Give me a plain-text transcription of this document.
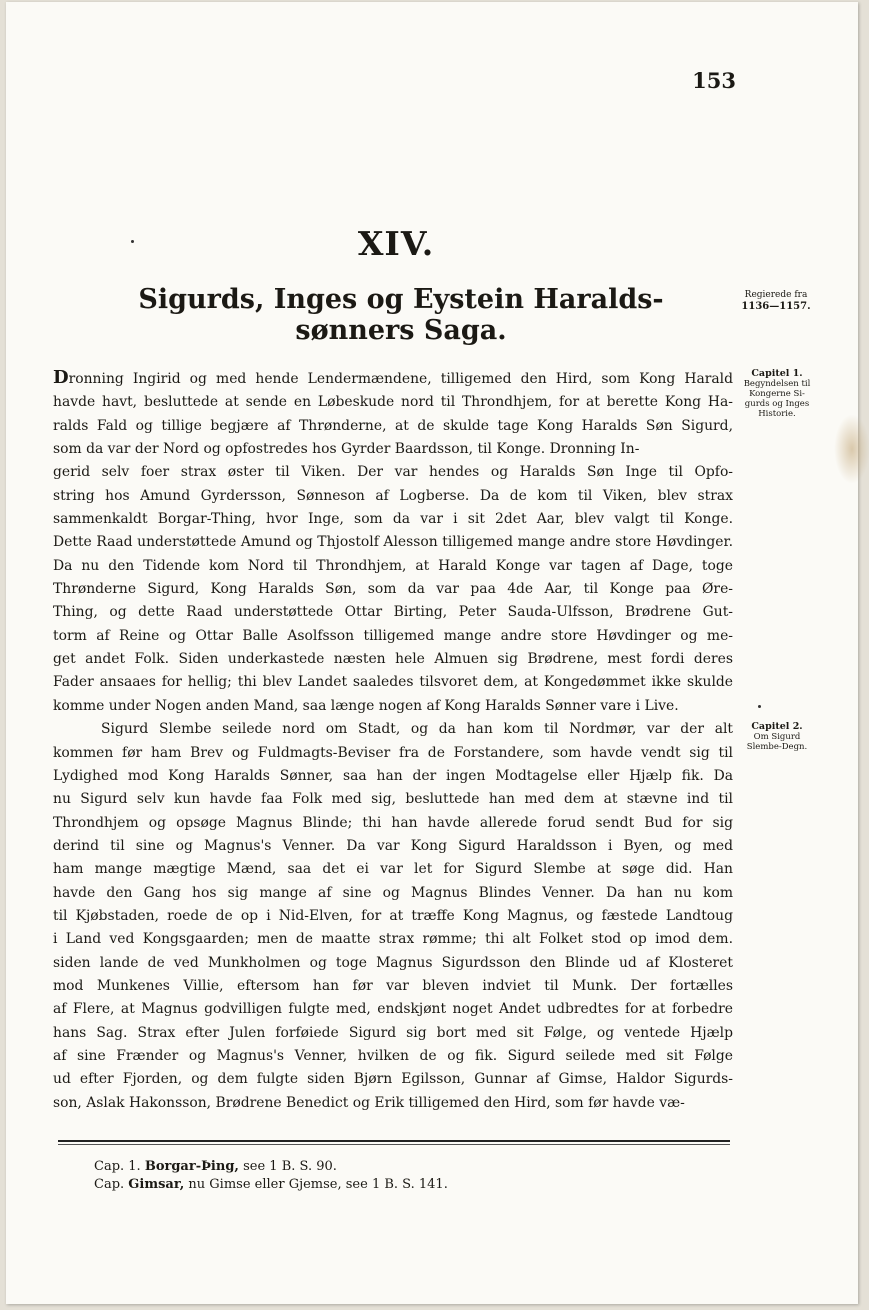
153
XIV.
Sigurds, Inges og Eystein Haralds-
sønners Saga.
Regierede fra
1136—1157.
Capitel 1.
Begyndelsen til
Kongerne Si-
gurds og Inges
Historie.
Capitel 2.
Om Sigurd
Slembe-Degn.
Dronning Ingirid og med hende Lendermændene, tilligemed den Hird, som Kong Harald
havde havt, besluttede at sende en Løbeskude nord til Throndhjem, for at berette Kong Ha-
ralds Fald og tillige begjære af Thrønderne, at de skulde tage Kong Haralds Søn Sigurd,
som da var der Nord og opfostredes hos Gyrder Baardsson, til Konge. Dronning In-
gerid selv foer strax øster til Viken. Der var hendes og Haralds Søn Inge til Opfo-
string hos Amund Gyrdersson, Sønneson af Logberse. Da de kom til Viken, blev strax
sammenkaldt Borgar-Thing, hvor Inge, som da var i sit 2det Aar, blev valgt til Konge.
Dette Raad understøttede Amund og Thjostolf Alesson tilligemed mange andre store Høvdinger.
Da nu den Tidende kom Nord til Throndhjem, at Harald Konge var tagen af Dage, toge
Thrønderne Sigurd, Kong Haralds Søn, som da var paa 4de Aar, til Konge paa Øre-
Thing, og dette Raad understøttede Ottar Birting, Peter Sauda-Ulfsson, Brødrene Gut-
torm af Reine og Ottar Balle Asolfsson tilligemed mange andre store Høvdinger og me-
get andet Folk. Siden underkastede næsten hele Almuen sig Brødrene, mest fordi deres
Fader ansaaes for hellig; thi blev Landet saaledes tilsvoret dem, at Kongedømmet ikke skulde
komme under Nogen anden Mand, saa længe nogen af Kong Haralds Sønner vare i Live.
Sigurd Slembe seilede nord om Stadt, og da han kom til Nordmør, var der alt
kommen før ham Brev og Fuldmagts-Beviser fra de Forstandere, som havde vendt sig til
Lydighed mod Kong Haralds Sønner, saa han der ingen Modtagelse eller Hjælp fik. Da
nu Sigurd selv kun havde faa Folk med sig, besluttede han med dem at stævne ind til
Throndhjem og opsøge Magnus Blinde; thi han havde allerede forud sendt Bud for sig
derind til sine og Magnus's Venner. Da var Kong Sigurd Haraldsson i Byen, og med
ham mange mægtige Mænd, saa det ei var let for Sigurd Slembe at søge did. Han
havde den Gang hos sig mange af sine og Magnus Blindes Venner. Da han nu kom
til Kjøbstaden, roede de op i Nid-Elven, for at træffe Kong Magnus, og fæstede Landtoug
i Land ved Kongsgaarden; men de maatte strax rømme; thi alt Folket stod op imod dem.
siden lande de ved Munkholmen og toge Magnus Sigurdsson den Blinde ud af Klosteret
mod Munkenes Villie, eftersom han før var bleven indviet til Munk. Der fortælles
af Flere, at Magnus godvilligen fulgte med, endskjønt noget Andet udbredtes for at forbedre
hans Sag. Strax efter Julen forføiede Sigurd sig bort med sit Følge, og ventede Hjælp
af sine Frænder og Magnus's Venner, hvilken de og fik. Sigurd seilede med sit Følge
ud efter Fjorden, og dem fulgte siden Bjørn Egilsson, Gunnar af Gimse, Haldor Sigurds-
son, Aslak Hakonsson, Brødrene Benedict og Erik tilligemed den Hird, som før havde væ-
Cap. 1. Borgar-Þing, see 1 B. S. 90.
Cap. Gimsar, nu Gimse eller Gjemse, see 1 B. S. 141.
